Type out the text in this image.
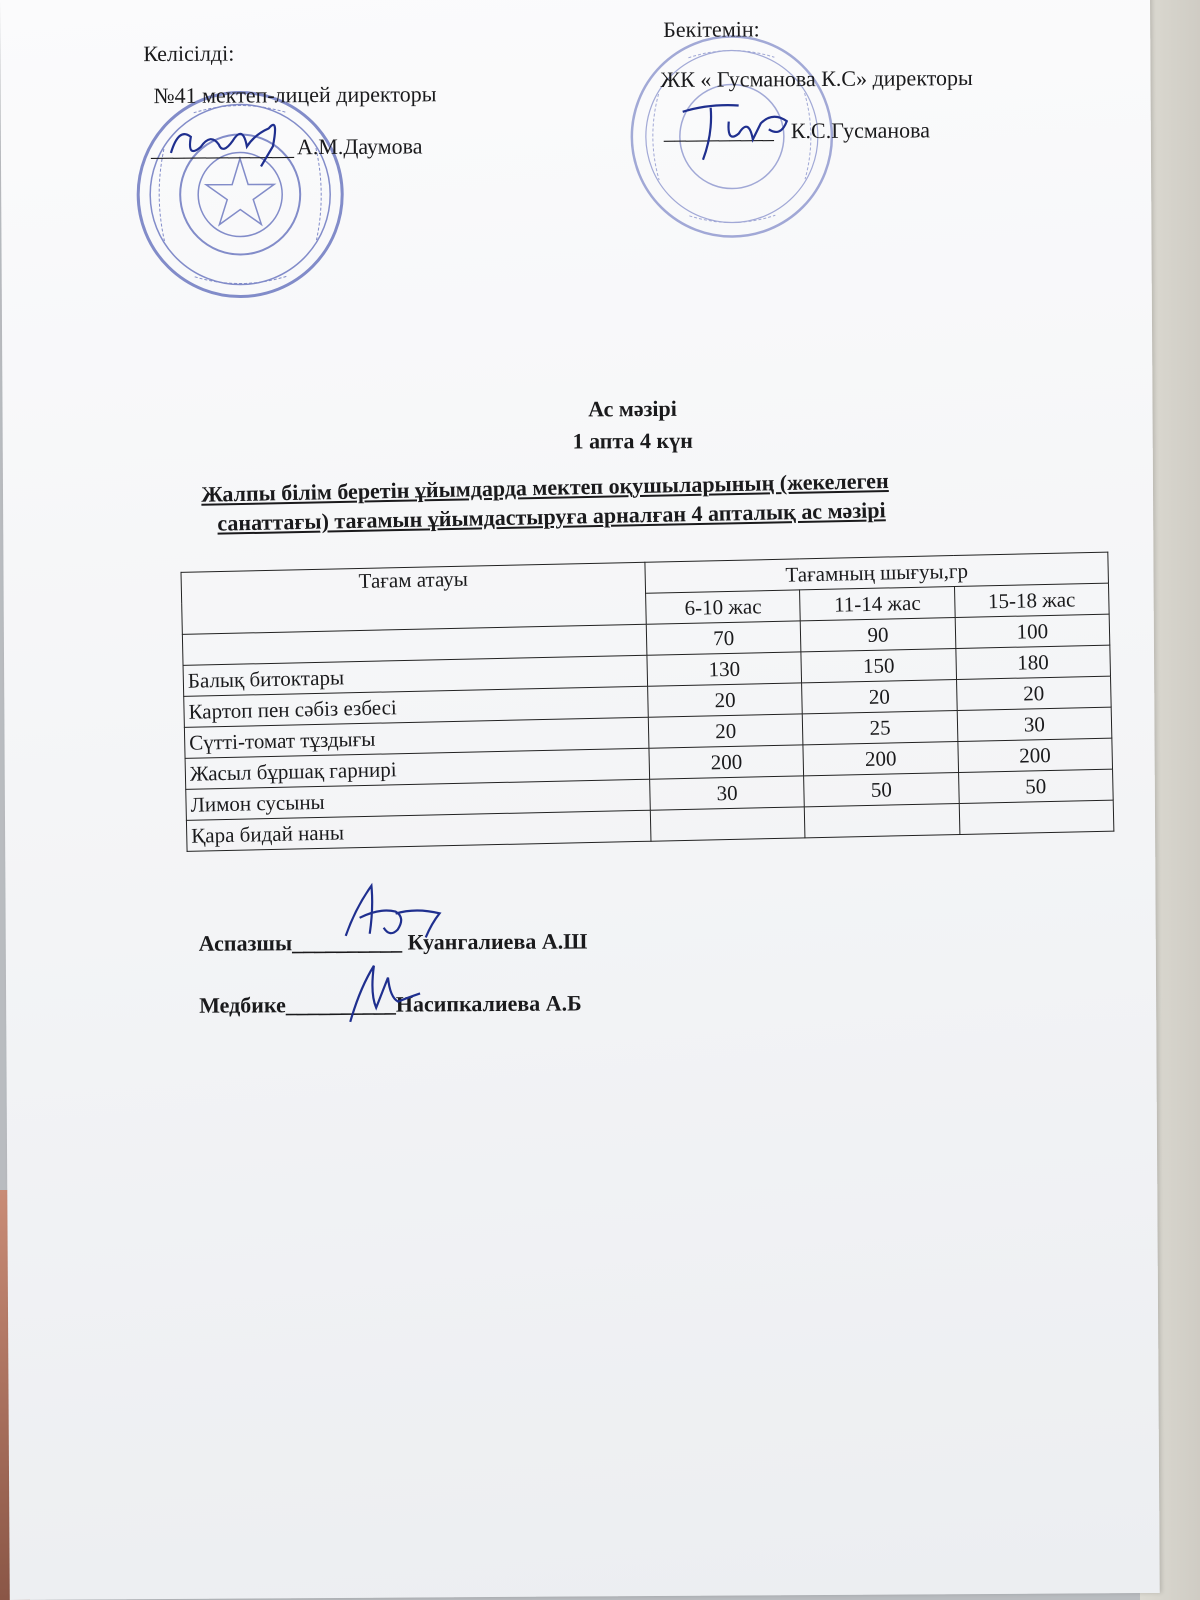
Келісілді:
№41 мектеп-лицей директоры
_____________ А.М.Даумова
Бекітемін:
ЖК « Гусманова К.С» директоры
__________ К.С.Гусманова
Ас мәзірі
1 апта 4 күн
Жалпы білім беретін ұйымдарда мектеп оқушыларының (жекелеген
санаттағы) тағамын ұйымдастыруға арналған 4 апталық ас мәзірі
Тағам атауы	Тағамның шығуы,гр		
	6-10 жас	11-14 жас	15-18 жас
	70	90	100
Балық битоктары	130	150	180
Картоп пен сәбіз езбесі	20	20	20
Сүтті-томат тұздығы	20	25	30
Жасыл бұршақ гарнирі	200	200	200
Лимон сусыны	30	50	50
Қара бидай наны			
Аспазшы__________ Куангалиева А.Ш
Медбике__________Насипкалиева А.Б
